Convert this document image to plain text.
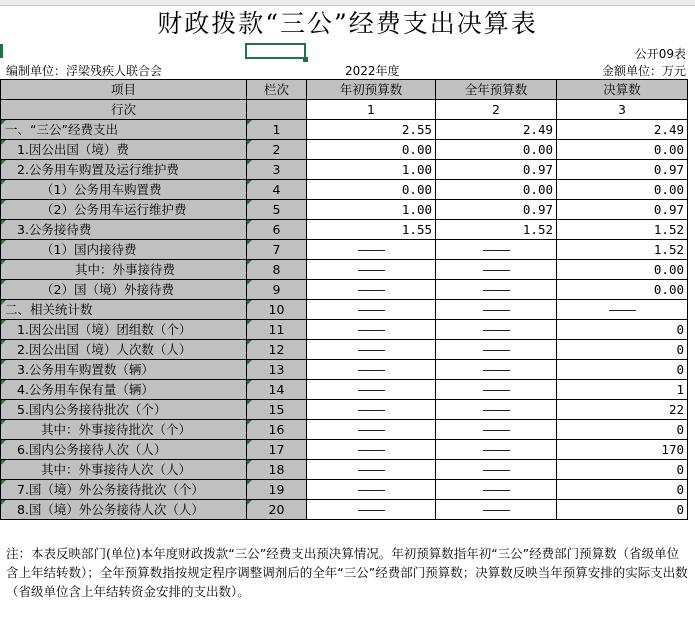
财政拨款“三公”经费支出决算表
公开09表
编制单位：浮梁残疾人联合会	2022年度	金额单位：万元
项目	栏次	年初预算数	全年预算数	决算数
行次		1	2	3
一、“三公”经费支出	1	2.55	2.49	2.49
1.因公出国（境）费	2	0.00	0.00	0.00
2.公务用车购置及运行维护费	3	1.00	0.97	0.97
（1）公务用车购置费	4	0.00	0.00	0.00
（2）公务用车运行维护费	5	1.00	0.97	0.97
3.公务接待费	6	1.55	1.52	1.52
（1）国内接待费	7	————	————	1.52
其中：外事接待费	8	————	————	0.00
（2）国（境）外接待费	9	————	————	0.00
二、相关统计数	10	————	————	————
1.因公出国（境）团组数（个）	11	————	————	0
2.因公出国（境）人次数（人）	12	————	————	0
3.公务用车购置数（辆）	13	————	————	0
4.公务用车保有量（辆）	14	————	————	1
5.国内公务接待批次（个）	15	————	————	22
其中：外事接待批次（个）	16	————	————	0
6.国内公务接待人次（人）	17	————	————	170
其中：外事接待人次（人）	18	————	————	0
7.国（境）外公务接待批次（个）	19	————	————	0
8.国（境）外公务接待人次（人）	20	————	————	0
注：本表反映部门(单位)本年度财政拨款“三公”经费支出预决算情况。年初预算数指年初“三公”经费部门预算数（省级单位含上年结转数）；全年预算数指按规定程序调整调剂后的全年“三公”经费部门预算数；决算数反映当年预算安排的实际支出数（省级单位含上年结转资金安排的支出数）。
